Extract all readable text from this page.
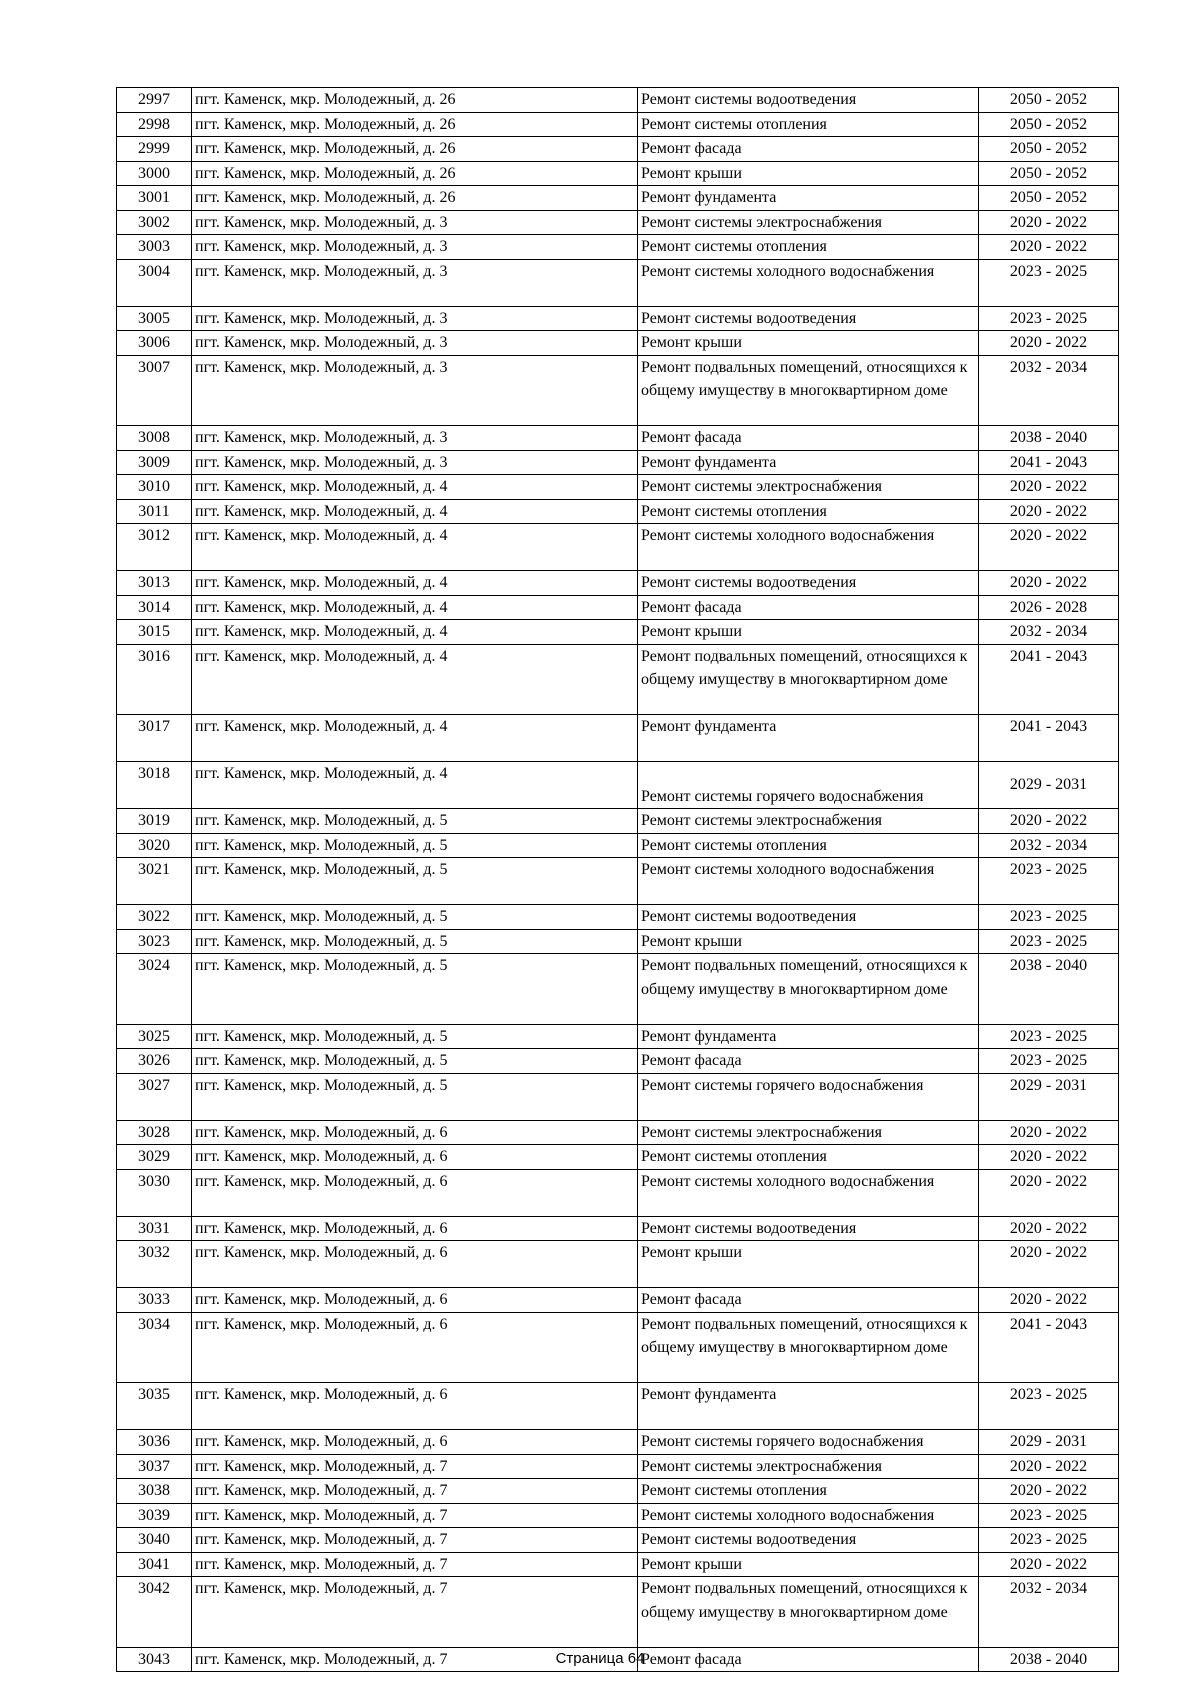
2997	пгт. Каменск, мкр. Молодежный, д. 26	Ремонт системы водоотведения	2050 - 2052
2998	пгт. Каменск, мкр. Молодежный, д. 26	Ремонт системы отопления	2050 - 2052
2999	пгт. Каменск, мкр. Молодежный, д. 26	Ремонт фасада	2050 - 2052
3000	пгт. Каменск, мкр. Молодежный, д. 26	Ремонт крыши	2050 - 2052
3001	пгт. Каменск, мкр. Молодежный, д. 26	Ремонт фундамента	2050 - 2052
3002	пгт. Каменск, мкр. Молодежный, д. 3	Ремонт системы электроснабжения	2020 - 2022
3003	пгт. Каменск, мкр. Молодежный, д. 3	Ремонт системы отопления	2020 - 2022
3004	пгт. Каменск, мкр. Молодежный, д. 3	Ремонт системы холодного водоснабжения	2023 - 2025
3005	пгт. Каменск, мкр. Молодежный, д. 3	Ремонт системы водоотведения	2023 - 2025
3006	пгт. Каменск, мкр. Молодежный, д. 3	Ремонт крыши	2020 - 2022
3007	пгт. Каменск, мкр. Молодежный, д. 3	Ремонт подвальных помещений, относящихся к общему имуществу в многоквартирном доме	2032 - 2034
3008	пгт. Каменск, мкр. Молодежный, д. 3	Ремонт фасада	2038 - 2040
3009	пгт. Каменск, мкр. Молодежный, д. 3	Ремонт фундамента	2041 - 2043
3010	пгт. Каменск, мкр. Молодежный, д. 4	Ремонт системы электроснабжения	2020 - 2022
3011	пгт. Каменск, мкр. Молодежный, д. 4	Ремонт системы отопления	2020 - 2022
3012	пгт. Каменск, мкр. Молодежный, д. 4	Ремонт системы холодного водоснабжения	2020 - 2022
3013	пгт. Каменск, мкр. Молодежный, д. 4	Ремонт системы водоотведения	2020 - 2022
3014	пгт. Каменск, мкр. Молодежный, д. 4	Ремонт фасада	2026 - 2028
3015	пгт. Каменск, мкр. Молодежный, д. 4	Ремонт крыши	2032 - 2034
3016	пгт. Каменск, мкр. Молодежный, д. 4	Ремонт подвальных помещений, относящихся к общему имуществу в многоквартирном доме	2041 - 2043
3017	пгт. Каменск, мкр. Молодежный, д. 4	Ремонт фундамента	2041 - 2043
3018	пгт. Каменск, мкр. Молодежный, д. 4	Ремонт системы горячего водоснабжения	2029 - 2031
3019	пгт. Каменск, мкр. Молодежный, д. 5	Ремонт системы электроснабжения	2020 - 2022
3020	пгт. Каменск, мкр. Молодежный, д. 5	Ремонт системы отопления	2032 - 2034
3021	пгт. Каменск, мкр. Молодежный, д. 5	Ремонт системы холодного водоснабжения	2023 - 2025
3022	пгт. Каменск, мкр. Молодежный, д. 5	Ремонт системы водоотведения	2023 - 2025
3023	пгт. Каменск, мкр. Молодежный, д. 5	Ремонт крыши	2023 - 2025
3024	пгт. Каменск, мкр. Молодежный, д. 5	Ремонт подвальных помещений, относящихся к общему имуществу в многоквартирном доме	2038 - 2040
3025	пгт. Каменск, мкр. Молодежный, д. 5	Ремонт фундамента	2023 - 2025
3026	пгт. Каменск, мкр. Молодежный, д. 5	Ремонт фасада	2023 - 2025
3027	пгт. Каменск, мкр. Молодежный, д. 5	Ремонт системы горячего водоснабжения	2029 - 2031
3028	пгт. Каменск, мкр. Молодежный, д. 6	Ремонт системы электроснабжения	2020 - 2022
3029	пгт. Каменск, мкр. Молодежный, д. 6	Ремонт системы отопления	2020 - 2022
3030	пгт. Каменск, мкр. Молодежный, д. 6	Ремонт системы холодного водоснабжения	2020 - 2022
3031	пгт. Каменск, мкр. Молодежный, д. 6	Ремонт системы водоотведения	2020 - 2022
3032	пгт. Каменск, мкр. Молодежный, д. 6	Ремонт крыши	2020 - 2022
3033	пгт. Каменск, мкр. Молодежный, д. 6	Ремонт фасада	2020 - 2022
3034	пгт. Каменск, мкр. Молодежный, д. 6	Ремонт подвальных помещений, относящихся к общему имуществу в многоквартирном доме	2041 - 2043
3035	пгт. Каменск, мкр. Молодежный, д. 6	Ремонт фундамента	2023 - 2025
3036	пгт. Каменск, мкр. Молодежный, д. 6	Ремонт системы горячего водоснабжения	2029 - 2031
3037	пгт. Каменск, мкр. Молодежный, д. 7	Ремонт системы электроснабжения	2020 - 2022
3038	пгт. Каменск, мкр. Молодежный, д. 7	Ремонт системы отопления	2020 - 2022
3039	пгт. Каменск, мкр. Молодежный, д. 7	Ремонт системы холодного водоснабжения	2023 - 2025
3040	пгт. Каменск, мкр. Молодежный, д. 7	Ремонт системы водоотведения	2023 - 2025
3041	пгт. Каменск, мкр. Молодежный, д. 7	Ремонт крыши	2020 - 2022
3042	пгт. Каменск, мкр. Молодежный, д. 7	Ремонт подвальных помещений, относящихся к общему имуществу в многоквартирном доме	2032 - 2034
3043	пгт. Каменск, мкр. Молодежный, д. 7	Ремонт фасада	2038 - 2040
Страница 64
